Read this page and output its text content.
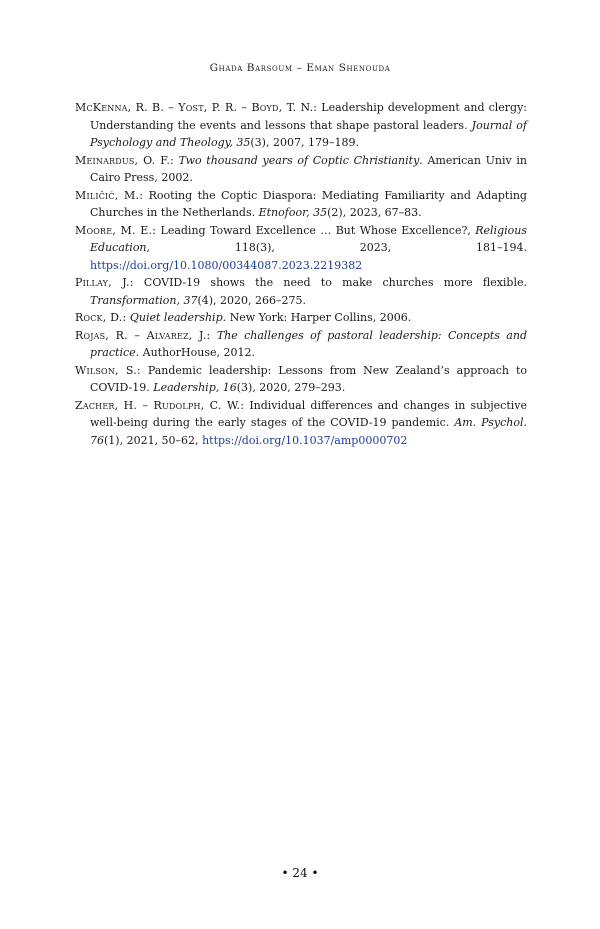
Ghada Barsoum – Eman Shenouda

McKenna, R. B. – Yost, P. R. – Boyd, T. N.: Leadership development and clergy: Understanding the events and lessons that shape pastoral leaders. Journal of Psychology and Theology, 35(3), 2007, 179–189.

Meinardus, O. F.: Two thousand years of Coptic Christianity. American Univ in Cairo Press, 2002.

Miličić, M.: Rooting the Coptic Diaspora: Mediating Familiarity and Adapting Churches in the Netherlands. Etnofoor, 35(2), 2023, 67–83.

Moore, M. E.: Leading Toward Excellence … But Whose Excellence?, Religious Education, 118(3), 2023, 181–194. https://doi.org/10.1080/00344087.2023.2219382

Pillay, J.: COVID-19 shows the need to make churches more flexible. Transformation, 37(4), 2020, 266–275.

Rock, D.: Quiet leadership. New York: Harper Collins, 2006.

Rojas, R. – Alvarez, J.: The challenges of pastoral leadership: Concepts and practice. AuthorHouse, 2012.

Wilson, S.: Pandemic leadership: Lessons from New Zealand’s approach to COVID-19. Leadership, 16(3), 2020, 279–293.

Zacher, H. – Rudolph, C. W.: Individual differences and changes in subjective well-being during the early stages of the COVID-19 pandemic. Am. Psychol. 76(1), 2021, 50–62, https://doi.org/10.1037/amp0000702

• 24 •
